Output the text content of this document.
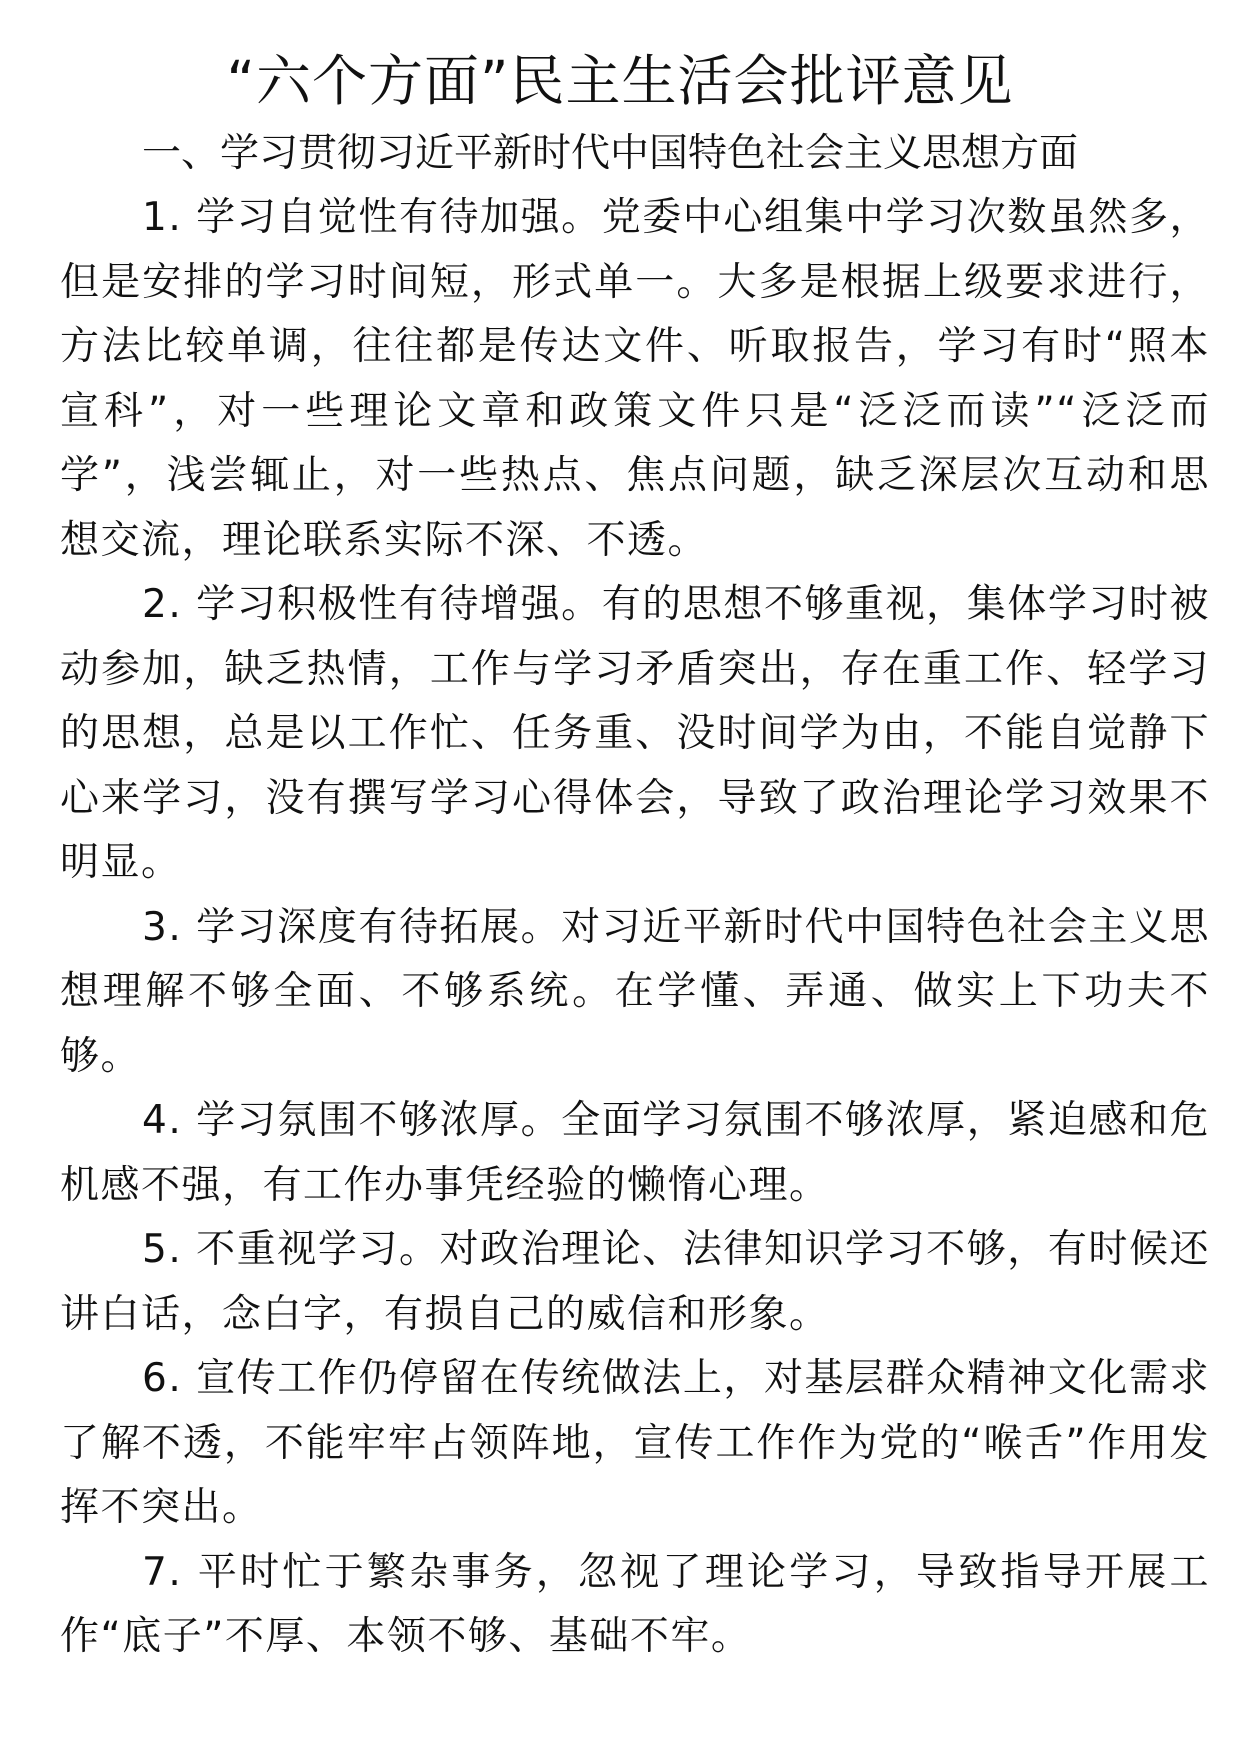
“六个方面”民主生活会批评意见

一、学习贯彻习近平新时代中国特色社会主义思想方面

1. 学习自觉性有待加强。党委中心组集中学习次数虽然多，但是安排的学习时间短，形式单一。大多是根据上级要求进行，方法比较单调，往往都是传达文件、听取报告，学习有时“照本宣科”，对一些理论文章和政策文件只是“泛泛而读”“泛泛而学”，浅尝辄止，对一些热点、焦点问题，缺乏深层次互动和思想交流，理论联系实际不深、不透。

2. 学习积极性有待增强。有的思想不够重视，集体学习时被动参加，缺乏热情，工作与学习矛盾突出，存在重工作、轻学习的思想，总是以工作忙、任务重、没时间学为由，不能自觉静下心来学习，没有撰写学习心得体会，导致了政治理论学习效果不明显。

3. 学习深度有待拓展。对习近平新时代中国特色社会主义思想理解不够全面、不够系统。在学懂、弄通、做实上下功夫不够。

4. 学习氛围不够浓厚。全面学习氛围不够浓厚，紧迫感和危机感不强，有工作办事凭经验的懒惰心理。

5. 不重视学习。对政治理论、法律知识学习不够，有时候还讲白话，念白字，有损自己的威信和形象。

6. 宣传工作仍停留在传统做法上，对基层群众精神文化需求了解不透，不能牢牢占领阵地，宣传工作作为党的“喉舌”作用发挥不突出。

7. 平时忙于繁杂事务，忽视了理论学习，导致指导开展工作“底子”不厚、本领不够、基础不牢。
